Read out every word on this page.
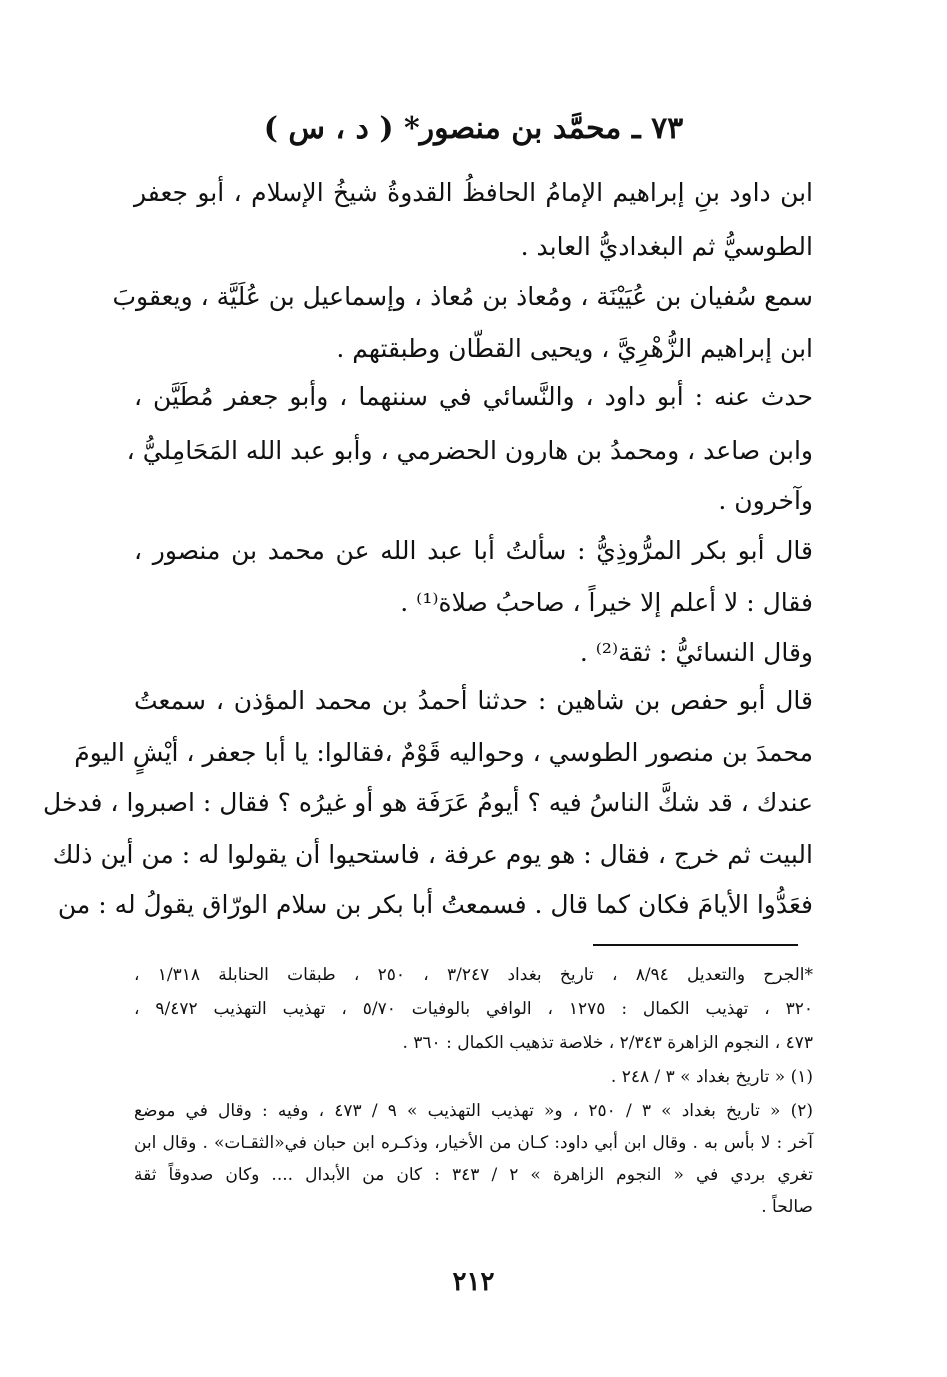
٧٣ ـ محمَّد بن منصور* ( د ، س )
ابن داود بنِ إبراهيم الإمامُ الحافظُ القدوةُ شيخُ الإسلام ، أبو جعفر
الطوسيُّ ثم البغداديُّ العابد .
سمع سُفيان بن عُيَيْنَة ، ومُعاذ بن مُعاذ ، وإسماعيل بن عُلَيَّة ، ويعقوبَ
ابن إبراهيم الزُّهْرِيَّ ، ويحيى القطّان وطبقتهم .
حدث عنه : أبو داود ، والنَّسائي في سننهما ، وأبو جعفر مُطَيَّن ،
وابن صاعد ، ومحمدُ بن هارون الحضرمي ، وأبو عبد الله المَحَامِليُّ ،
وآخرون .
قال أبو بكر المرُّوذِيُّ : سألتُ أبا عبد الله عن محمد بن منصور ،
فقال : لا أعلم إلا خيراً ، صاحبُ صلاة⁽¹⁾ .
وقال النسائيُّ : ثقة⁽²⁾ .
قال أبو حفص بن شاهين : حدثنا أحمدُ بن محمد المؤذن ، سمعتُ
محمدَ بن منصور الطوسي ، وحواليه قَوْمٌ ،فقالوا: يا أبا جعفر ، أيْشٍ اليومَ
عندك ، قد شكَّ الناسُ فيه ؟ أيومُ عَرَفَة هو أو غيرُه ؟ فقال : اصبروا ، فدخل
البيت ثم خرج ، فقال : هو يوم عرفة ، فاستحيوا أن يقولوا له : من أين ذلك
فعَدُّوا الأيامَ فكان كما قال . فسمعتُ أبا بكر بن سلام الورّاق يقولُ له : من
*الجرح والتعديل ٨/٩٤ ، تاريخ بغداد ٣/٢٤٧ ، ٢٥٠ ، طبقات الحنابلة ١/٣١٨ ،
٣٢٠ ، تهذيب الكمال : ١٢٧٥ ، الوافي بالوفيات ٥/٧٠ ، تهذيب التهذيب ٩/٤٧٢ ،
٤٧٣ ، النجوم الزاهرة ٢/٣٤٣ ، خلاصة تذهيب الكمال : ٣٦٠ .
(١) « تاريخ بغداد » ٣ / ٢٤٨ .
(٢) « تاريخ بغداد » ٣ / ٢٥٠ ، و« تهذيب التهذيب » ٩ / ٤٧٣ ، وفيه : وقال في موضع
آخر : لا بأس به . وقال ابن أبي داود: كـان من الأخيار، وذكـره ابن حبان في«الثقـات» . وقال ابن
تغري بردي في « النجوم الزاهرة » ٢ / ٣٤٣ : كان من الأبدال .... وكان صدوقاً ثقة
صالحاً .
٢١٢
